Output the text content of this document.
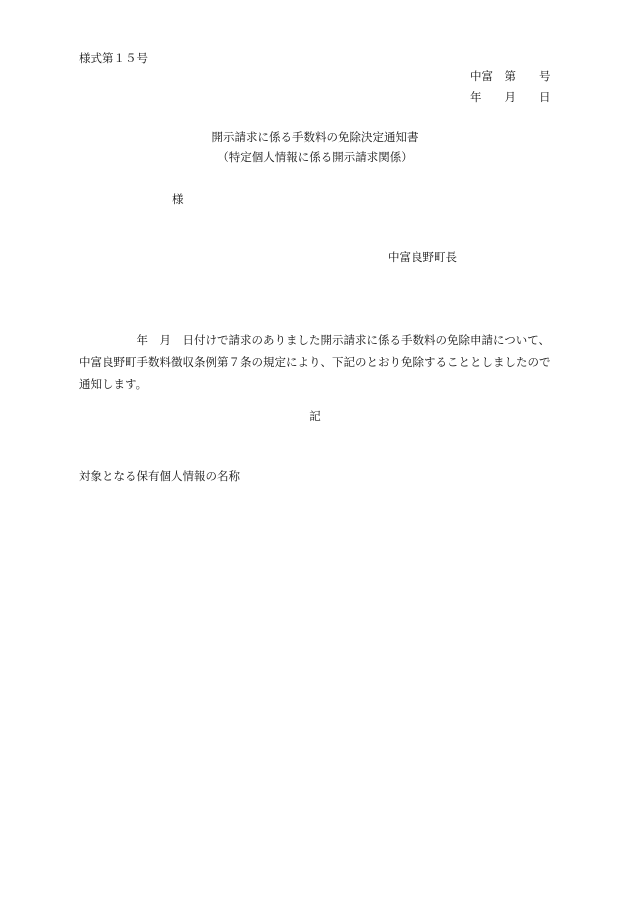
様式第１５号
中富　第　　号
年　　月　　日
開示請求に係る手数料の免除決定通知書
（特定個人情報に係る開示請求関係）
様
中富良野町長
　　　　　年　月　日付けで請求のありました開示請求に係る手数料の免除申請について、中富良野町手数料徴収条例第７条の規定により、下記のとおり免除することとしましたので通知します。
記
対象となる保有個人情報の名称
